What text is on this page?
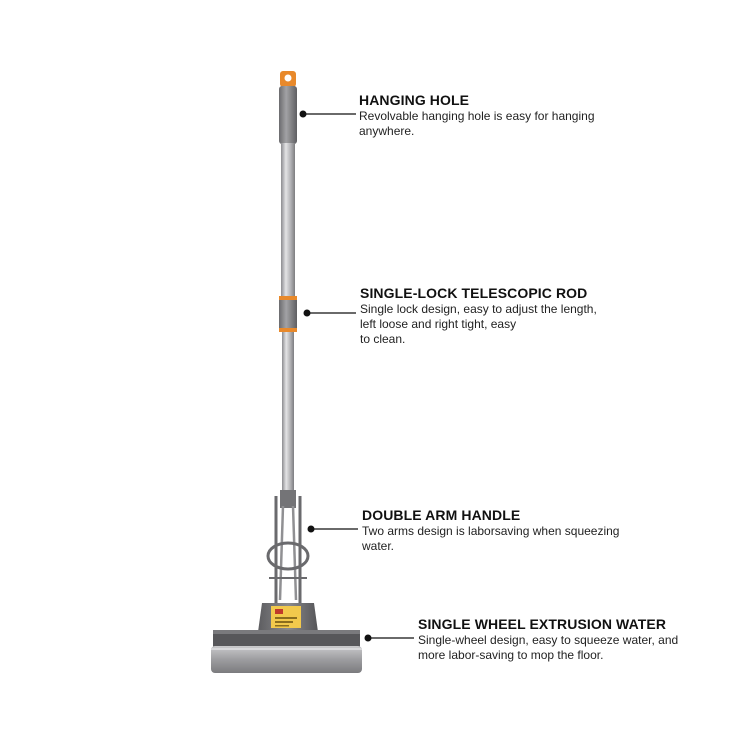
HANGING HOLE
Revolvable hanging hole is easy for hanging
anywhere.
SINGLE-LOCK TELESCOPIC ROD
Single lock design, easy to adjust the length,
left loose and right tight, easy
to clean.
DOUBLE ARM HANDLE
Two arms design is laborsaving when squeezing
water.
SINGLE WHEEL EXTRUSION WATER
Single-wheel design, easy to squeeze water, and
more labor-saving to mop the floor.
